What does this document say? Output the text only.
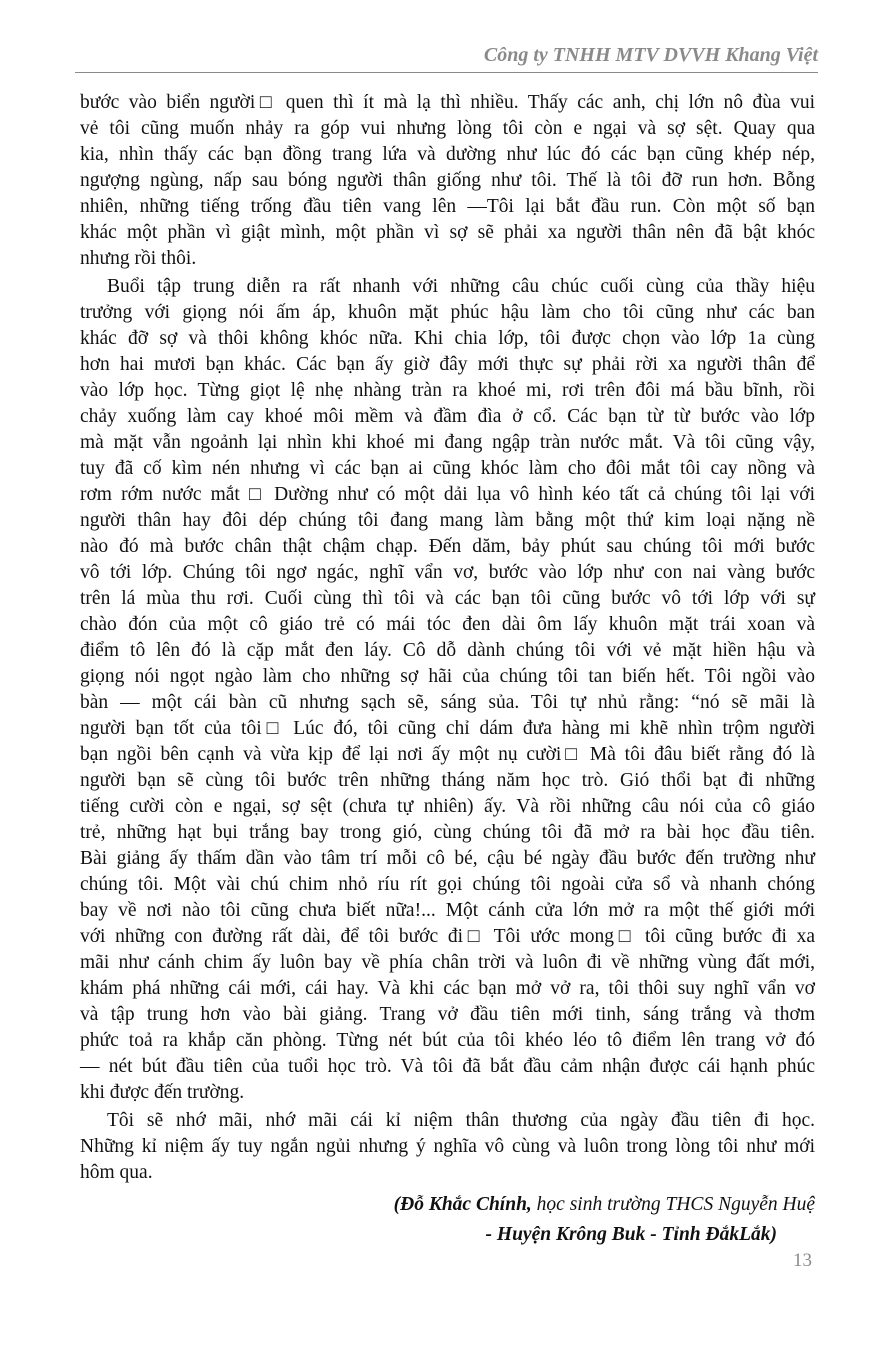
Công ty TNHH MTV DVVH Khang Việt
bước vào biển người□ quen thì ít mà lạ thì nhiều. Thấy các anh, chị lớn nô đùa vui
vẻ tôi cũng muốn nhảy ra góp vui nhưng lòng tôi còn e ngại và sợ sệt. Quay qua
kia, nhìn thấy các bạn đồng trang lứa và dường như lúc đó các bạn cũng khép nép,
ngượng ngùng, nấp sau bóng người thân giống như tôi. Thế là tôi đỡ run hơn. Bỗng
nhiên, những tiếng trống đầu tiên vang lên —Tôi lại bắt đầu run. Còn một số bạn
khác một phần vì giật mình, một phần vì sợ sẽ phải xa người thân nên đã bật khóc
nhưng rồi thôi.
Buổi tập trung diễn ra rất nhanh với những câu chúc cuối cùng của thầy hiệu
trưởng với giọng nói ấm áp, khuôn mặt phúc hậu làm cho tôi cũng như các ban
khác đỡ sợ và thôi không khóc nữa. Khi chia lớp, tôi được chọn vào lớp 1a cùng
hơn hai mươi bạn khác. Các bạn ấy giờ đây mới thực sự phải rời xa người thân để
vào lớp học. Từng giọt lệ nhẹ nhàng tràn ra khoé mi, rơi trên đôi má bầu bĩnh, rồi
chảy xuống làm cay khoé môi mềm và đầm đìa ở cổ. Các bạn từ từ bước vào lớp
mà mặt vẫn ngoảnh lại nhìn khi khoé mi đang ngập tràn nước mắt. Và tôi cũng vậy,
tuy đã cố kìm nén nhưng vì các bạn ai cũng khóc làm cho đôi mắt tôi cay nồng và
rơm rớm nước mắt □ Dường như có một dải lụa vô hình kéo tất cả chúng tôi lại với
người thân hay đôi dép chúng tôi đang mang làm bằng một thứ kim loại nặng nề
nào đó mà bước chân thật chậm chạp. Đến dăm, bảy phút sau chúng tôi mới bước
vô tới lớp. Chúng tôi ngơ ngác, nghĩ vẩn vơ, bước vào lớp như con nai vàng bước
trên lá mùa thu rơi. Cuối cùng thì tôi và các bạn tôi cũng bước vô tới lớp với sự
chào đón của một cô giáo trẻ có mái tóc đen dài ôm lấy khuôn mặt trái xoan và
điểm tô lên đó là cặp mắt đen láy. Cô dỗ dành chúng tôi với vẻ mặt hiền hậu và
giọng nói ngọt ngào làm cho những sợ hãi của chúng tôi tan biến hết. Tôi ngồi vào
bàn — một cái bàn cũ nhưng sạch sẽ, sáng sủa. Tôi tự nhủ rằng: “nó sẽ mãi là
người bạn tốt của tôi□ Lúc đó, tôi cũng chỉ dám đưa hàng mi khẽ nhìn trộm người
bạn ngồi bên cạnh và vừa kịp để lại nơi ấy một nụ cười□ Mà tôi đâu biết rằng đó là
người bạn sẽ cùng tôi bước trên những tháng năm học trò. Gió thổi bạt đi những
tiếng cười còn e ngại, sợ sệt (chưa tự nhiên) ấy. Và rồi những câu nói của cô giáo
trẻ, những hạt bụi trắng bay trong gió, cùng chúng tôi đã mở ra bài học đầu tiên.
Bài giảng ấy thấm dần vào tâm trí mỗi cô bé, cậu bé ngày đầu bước đến trường như
chúng tôi. Một vài chú chim nhỏ ríu rít gọi chúng tôi ngoài cửa sổ và nhanh chóng
bay về nơi nào tôi cũng chưa biết nữa!... Một cánh cửa lớn mở ra một thế giới mới
với những con đường rất dài, để tôi bước đi□ Tôi ước mong□ tôi cũng bước đi xa
mãi như cánh chim ấy luôn bay về phía chân trời và luôn đi về những vùng đất mới,
khám phá những cái mới, cái hay. Và khi các bạn mở vở ra, tôi thôi suy nghĩ vẩn vơ
và tập trung hơn vào bài giảng. Trang vở đầu tiên mới tinh, sáng trắng và thơm
phức toả ra khắp căn phòng. Từng nét bút của tôi khéo léo tô điểm lên trang vở đó
— nét bút đầu tiên của tuổi học trò. Và tôi đã bắt đầu cảm nhận được cái hạnh phúc
khi được đến trường.
Tôi sẽ nhớ mãi, nhớ mãi cái kỉ niệm thân thương của ngày đầu tiên đi học.
Những kỉ niệm ấy tuy ngắn ngủi nhưng ý nghĩa vô cùng và luôn trong lòng tôi như mới
hôm qua.
(Đỗ Khắc Chính, học sinh trường THCS Nguyễn Huệ
- Huyện Krông Buk - Tỉnh ĐắkLắk)
13
